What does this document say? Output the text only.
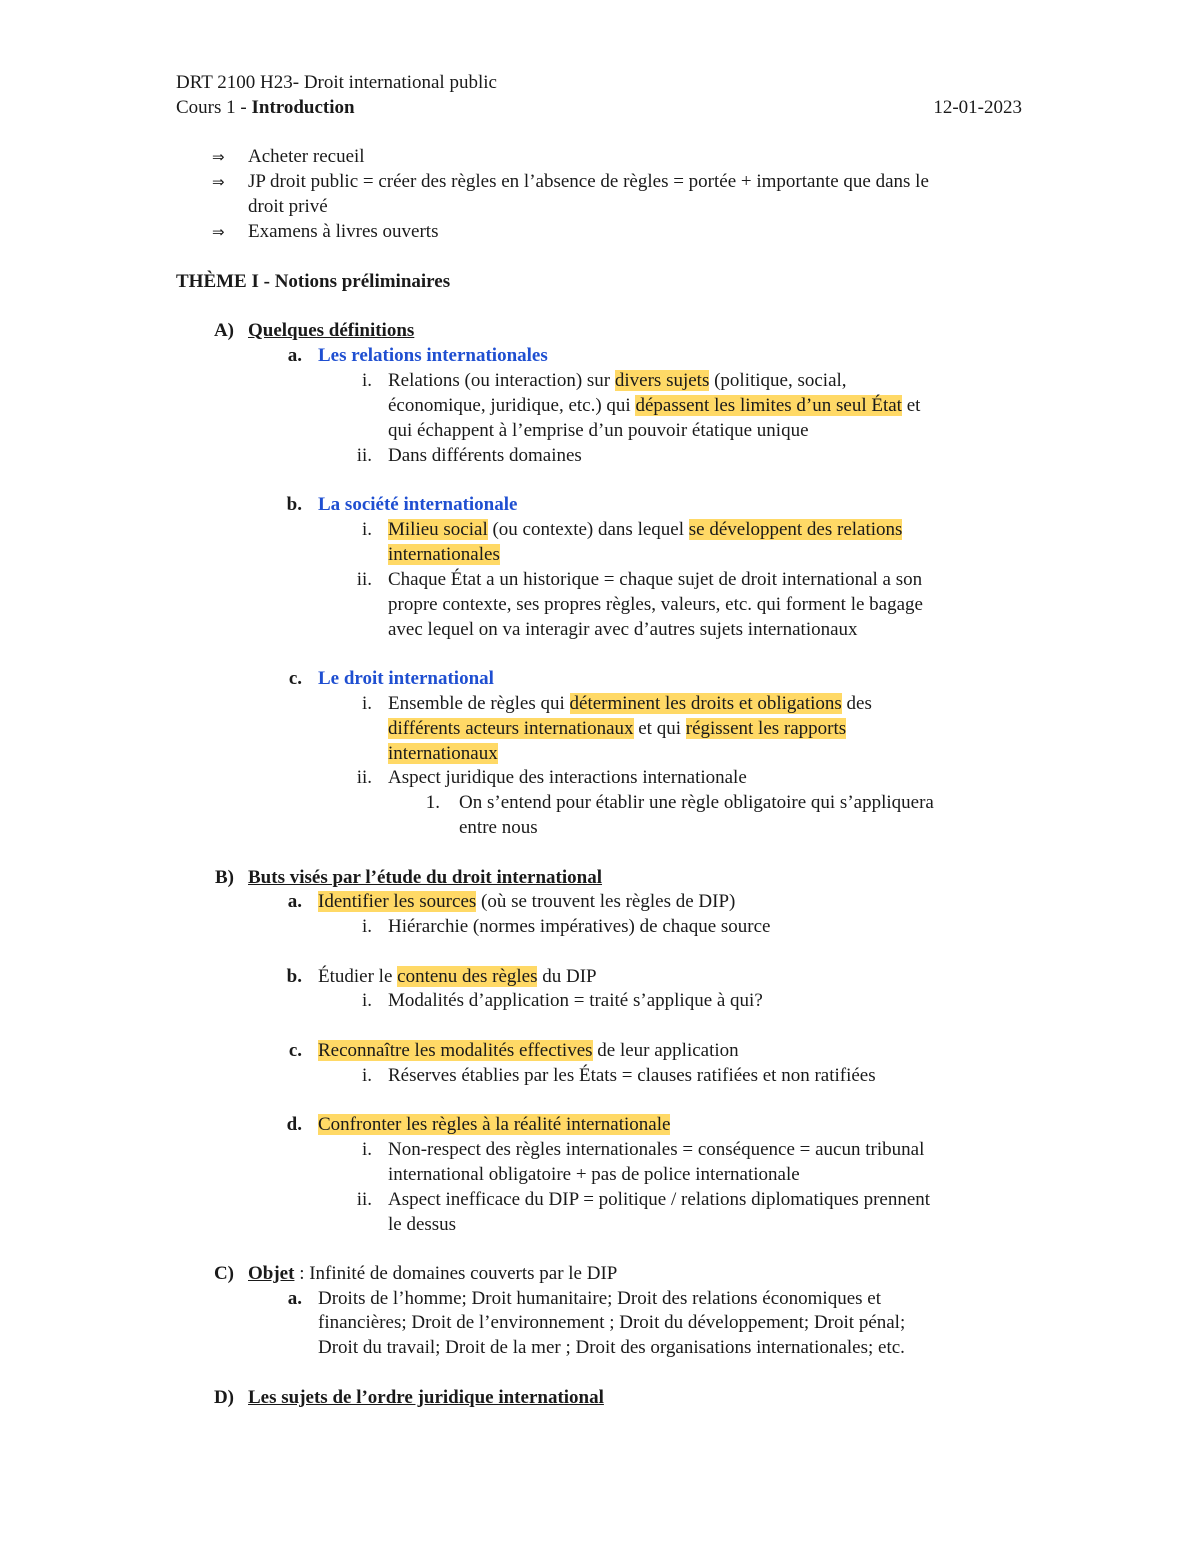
DRT 2100 H23- Droit international public
Cours 1 - Introduction	12-01-2023
⇒ Acheter recueil
⇒ JP droit public = créer des règles en l’absence de règles = portée + importante que dans le
droit privé
⇒ Examens à livres ouverts
THÈME I - Notions préliminaires
A) Quelques définitions
a. Les relations internationales
i. Relations (ou interaction) sur divers sujets (politique, social,
économique, juridique, etc.) qui dépassent les limites d’un seul État et
qui échappent à l’emprise d’un pouvoir étatique unique
ii. Dans différents domaines
b. La société internationale
i. Milieu social (ou contexte) dans lequel se développent des relations
internationales
ii. Chaque État a un historique = chaque sujet de droit international a son
propre contexte, ses propres règles, valeurs, etc. qui forment le bagage
avec lequel on va interagir avec d’autres sujets internationaux
c. Le droit international
i. Ensemble de règles qui déterminent les droits et obligations des
différents acteurs internationaux et qui régissent les rapports
internationaux
ii. Aspect juridique des interactions internationale
1. On s’entend pour établir une règle obligatoire qui s’appliquera
entre nous
B) Buts visés par l’étude du droit international
a. Identifier les sources (où se trouvent les règles de DIP)
i. Hiérarchie (normes impératives) de chaque source
b. Étudier le contenu des règles du DIP
i. Modalités d’application = traité s’applique à qui?
c. Reconnaître les modalités effectives de leur application
i. Réserves établies par les États = clauses ratifiées et non ratifiées
d. Confronter les règles à la réalité internationale
i. Non-respect des règles internationales = conséquence = aucun tribunal
international obligatoire + pas de police internationale
ii. Aspect inefficace du DIP = politique / relations diplomatiques prennent
le dessus
C) Objet : Infinité de domaines couverts par le DIP
a. Droits de l’homme; Droit humanitaire; Droit des relations économiques et
financières; Droit de l’environnement ; Droit du développement; Droit pénal;
Droit du travail; Droit de la mer ; Droit des organisations internationales; etc.
D) Les sujets de l’ordre juridique international
